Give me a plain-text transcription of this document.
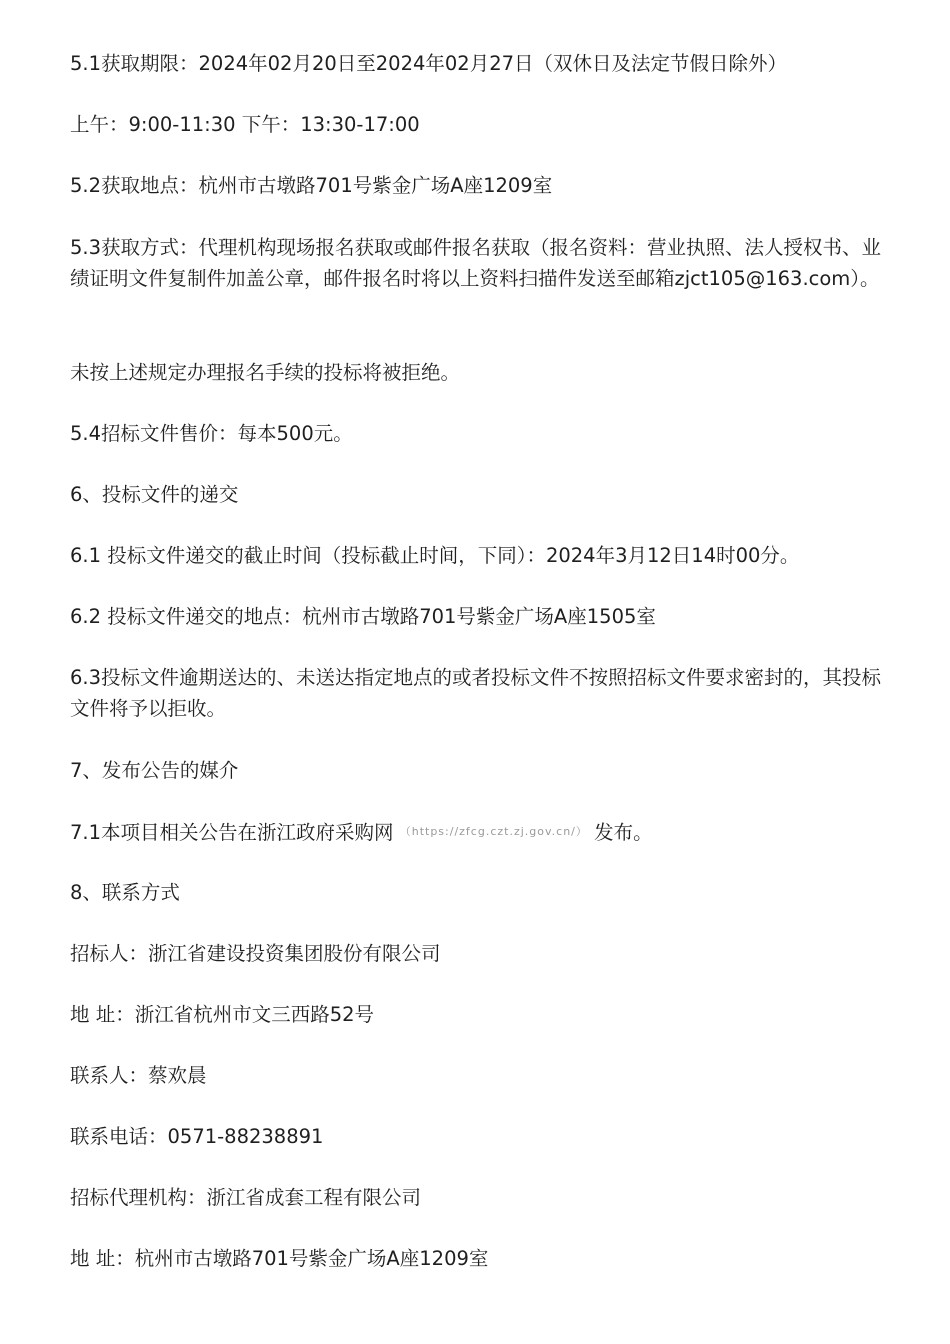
5.1获取期限：2024年02月20日至2024年02月27日（双休日及法定节假日除外）

上午：9:00-11:30 下午：13:30-17:00

5.2获取地点：杭州市古墩路701号紫金广场A座1209室

5.3获取方式：代理机构现场报名获取或邮件报名获取（报名资料：营业执照、法人授权书、业绩证明文件复制件加盖公章，邮件报名时将以上资料扫描件发送至邮箱zjct105@163.com）。

未按上述规定办理报名手续的投标将被拒绝。

5.4招标文件售价：每本500元。

6、投标文件的递交

6.1 投标文件递交的截止时间（投标截止时间，下同）：2024年3月12日14时00分。

6.2 投标文件递交的地点：杭州市古墩路701号紫金广场A座1505室

6.3投标文件逾期送达的、未送达指定地点的或者投标文件不按照招标文件要求密封的，其投标文件将予以拒收。

7、发布公告的媒介

7.1本项目相关公告在浙江政府采购网 $^{(https://zfcg.czt.zj.gov.cn/)}$ 发布。

8、联系方式

招标人：浙江省建设投资集团股份有限公司

地 址：浙江省杭州市文三西路52号

联系人：蔡欢晨

联系电话：0571-88238891

招标代理机构：浙江省成套工程有限公司

地 址：杭州市古墩路701号紫金广场A座1209室
